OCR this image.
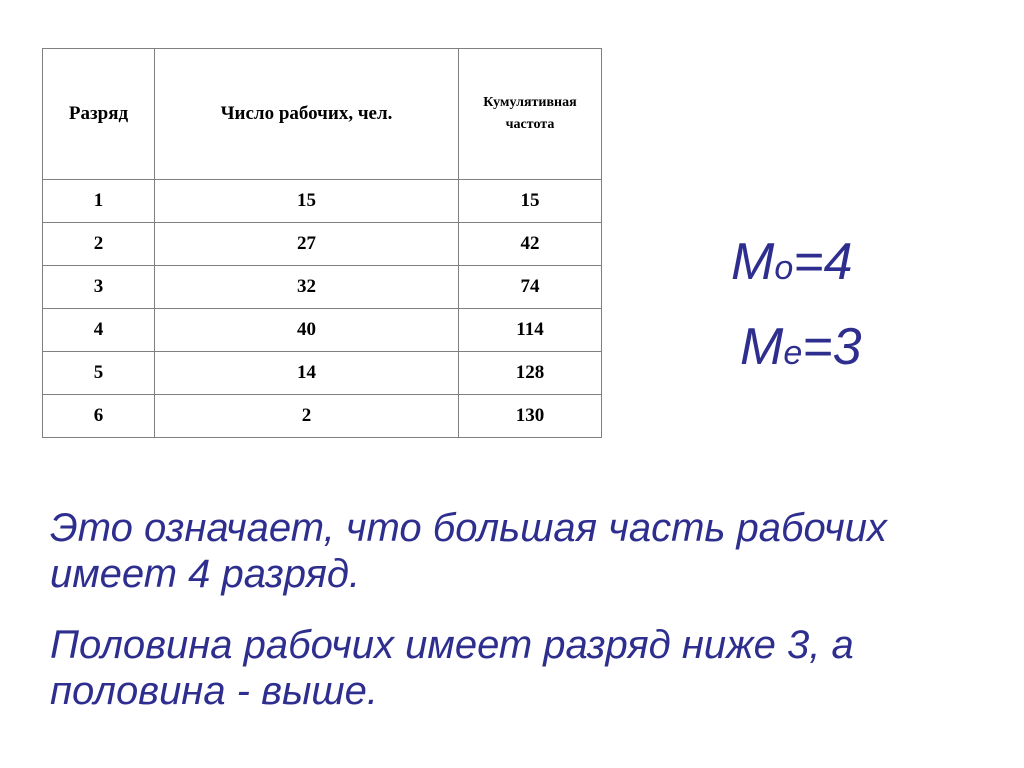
Разряд	Число рабочих, чел.	Кумулятивная частота
1	15	15
2	27	42
3	32	74
4	40	114
5	14	128
6	2	130
Mo=4
Me=3
Это означает, что большая часть рабочих имеет 4 разряд.
Половина рабочих имеет разряд ниже 3, а половина - выше.
